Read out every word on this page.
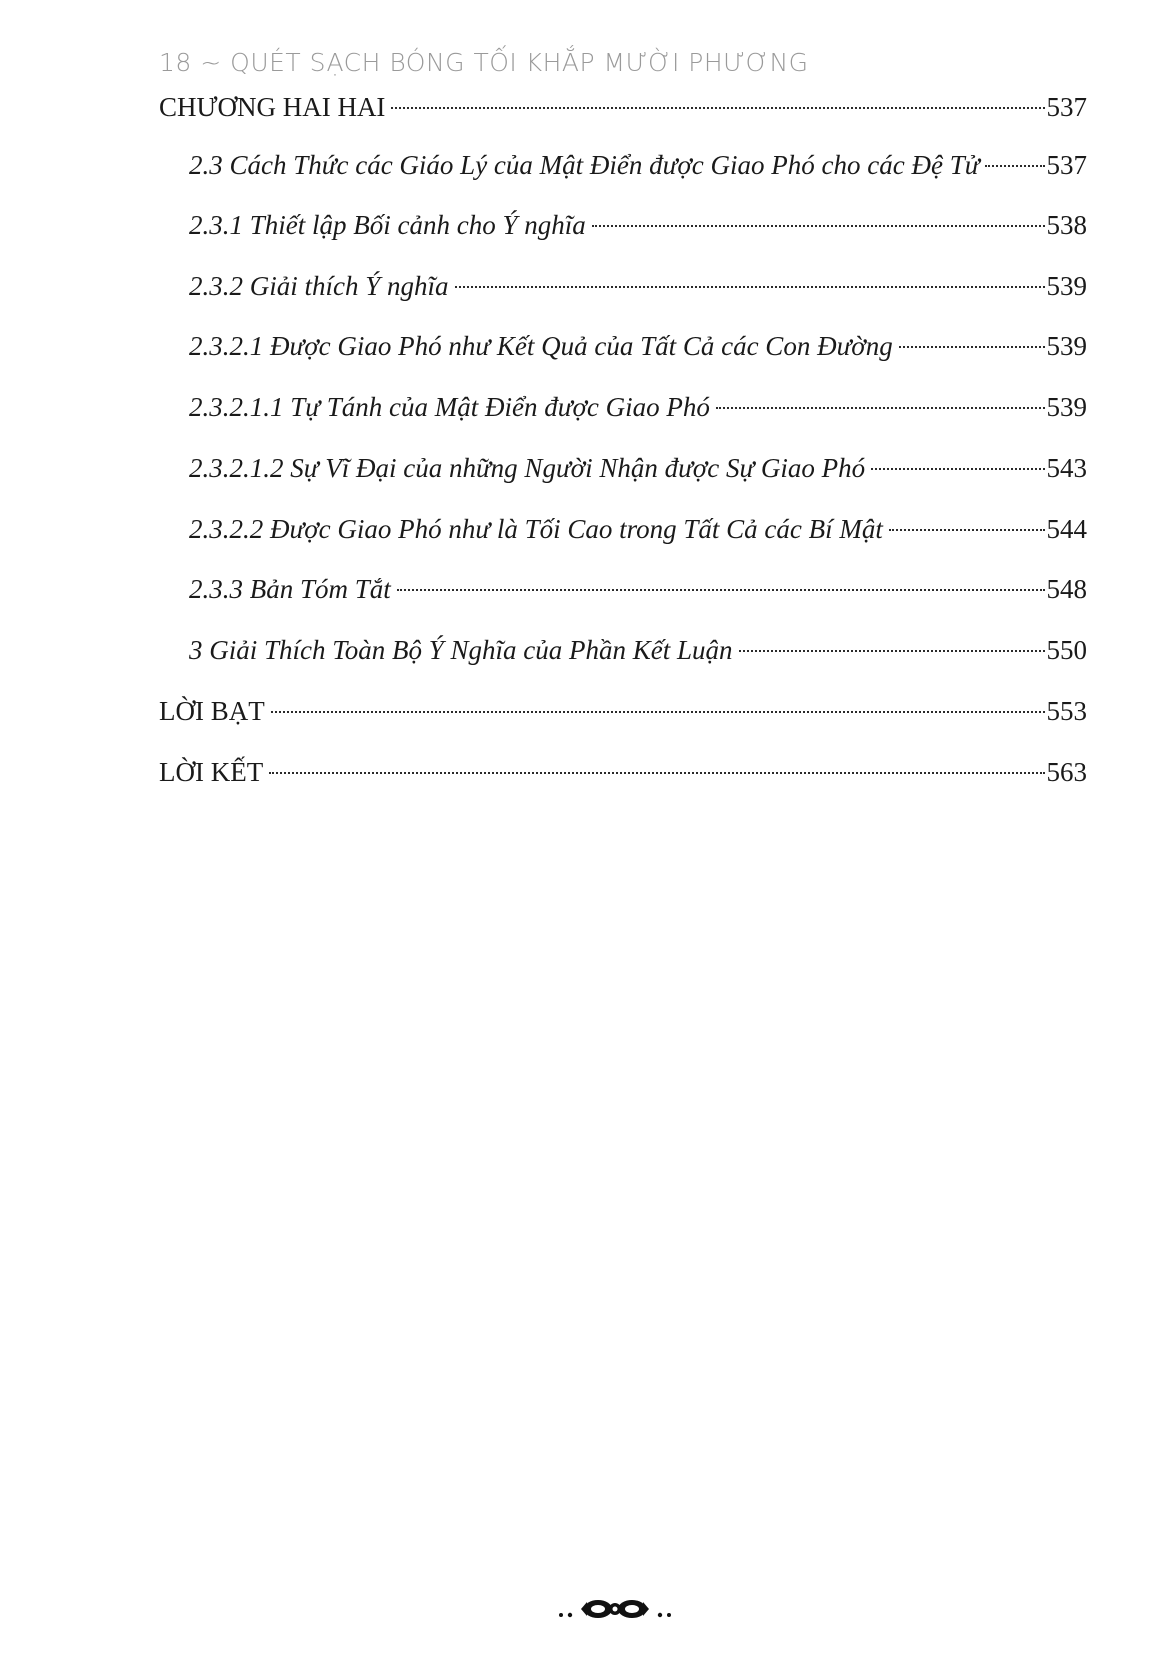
18 ~ QUÉT SẠCH BÓNG TỐI KHẮP MƯỜI PHƯƠNG
CHƯƠNG HAI HAI	537
2.3 Cách Thức các Giáo Lý của Mật Điển được Giao Phó cho các Đệ Tử 537
2.3.1 Thiết lập Bối cảnh cho Ý nghĩa	538
2.3.2 Giải thích Ý nghĩa	539
2.3.2.1 Được Giao Phó như Kết Quả của Tất Cả các Con Đường	539
2.3.2.1.1 Tự Tánh của Mật Điển được Giao Phó	539
2.3.2.1.2 Sự Vĩ Đại của những Người Nhận được Sự Giao Phó	543
2.3.2.2 Được Giao Phó như là Tối Cao trong Tất Cả các Bí Mật	544
2.3.3 Bản Tóm Tắt	548
3 Giải Thích Toàn Bộ Ý Nghĩa của Phần Kết Luận	550
LỜI BẠT	553
LỜI KẾT	563
